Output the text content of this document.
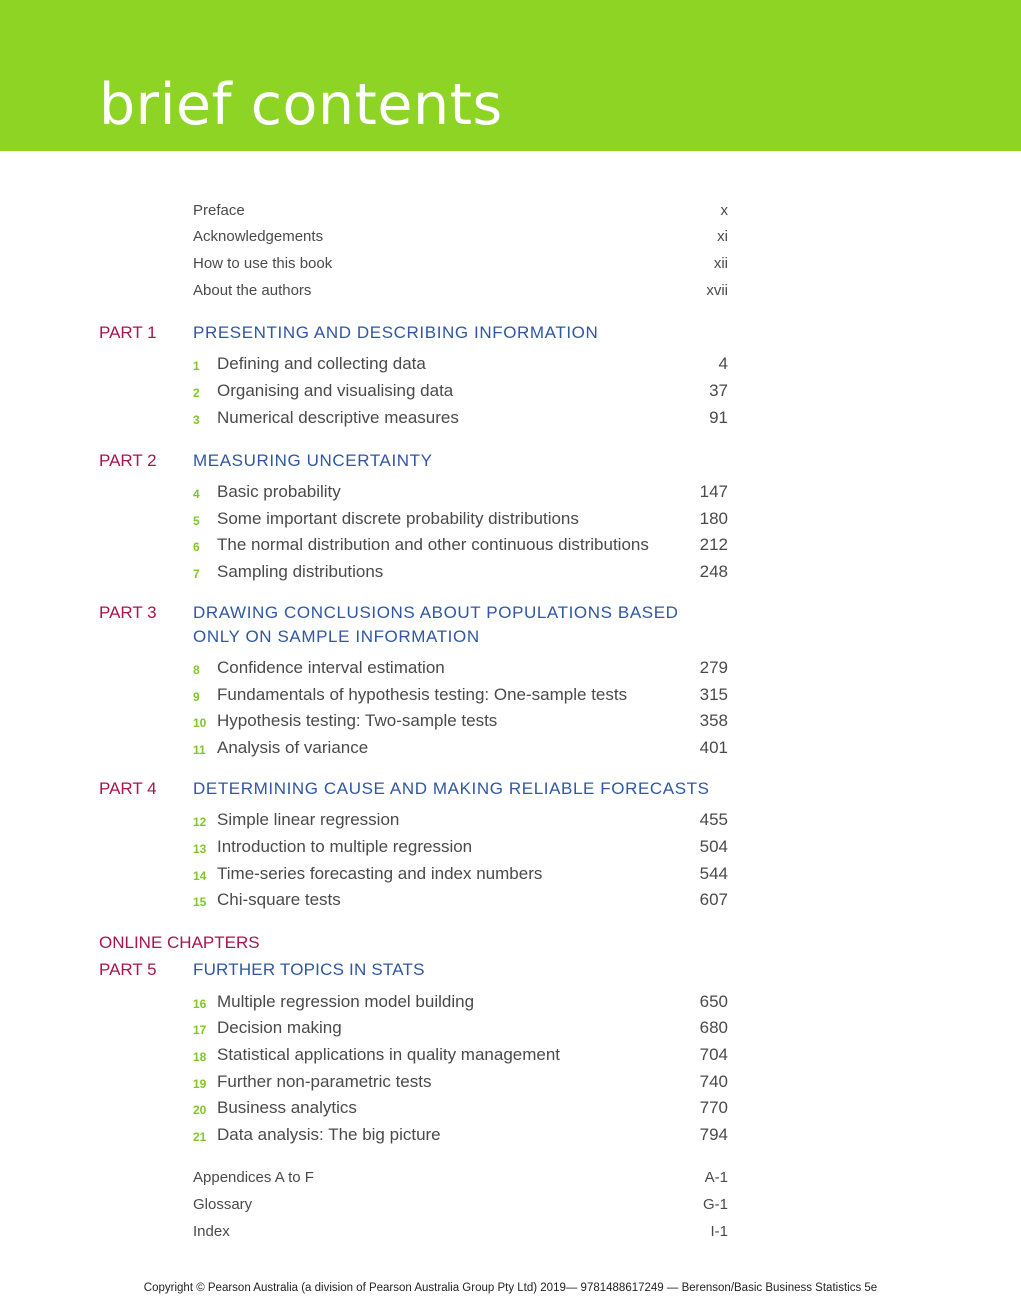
brief contents
Preface	x
Acknowledgements	xi
How to use this book	xii
About the authors	xvii
PART 1 PRESENTING AND DESCRIBING INFORMATION
1 Defining and collecting data	4
2 Organising and visualising data	37
3 Numerical descriptive measures	91
PART 2 MEASURING UNCERTAINTY
4 Basic probability	147
5 Some important discrete probability distributions	180
6 The normal distribution and other continuous distributions	212
7 Sampling distributions	248
PART 3 DRAWING CONCLUSIONS ABOUT POPULATIONS BASED
ONLY ON SAMPLE INFORMATION
8 Confidence interval estimation	279
9 Fundamentals of hypothesis testing: One-sample tests	315
10 Hypothesis testing: Two-sample tests	358
11 Analysis of variance	401
PART 4 DETERMINING CAUSE AND MAKING RELIABLE FORECASTS
12 Simple linear regression	455
13 Introduction to multiple regression	504
14 Time-series forecasting and index numbers	544
15 Chi-square tests	607
ONLINE CHAPTERS
PART 5 FURTHER TOPICS IN STATS
16 Multiple regression model building	650
17 Decision making	680
18 Statistical applications in quality management	704
19 Further non-parametric tests	740
20 Business analytics	770
21 Data analysis: The big picture	794
Appendices A to F	A-1
Glossary	G-1
Index	I-1
Copyright © Pearson Australia (a division of Pearson Australia Group Pty Ltd) 2019— 9781488617249 — Berenson/Basic Business Statistics 5e
